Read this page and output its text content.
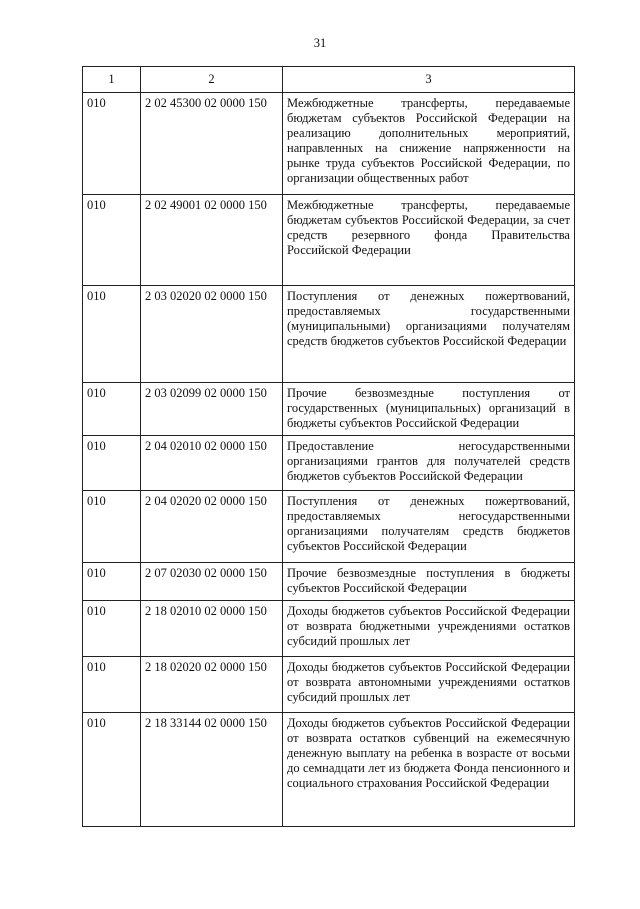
31
1	2	3
010	2 02 45300 02 0000 150	Межбюджетные трансферты, передаваемые бюджетам субъектов Российской Федерации на реализацию дополнительных мероприятий, направленных на снижение напряженности на рынке труда субъектов Российской Федерации, по организации общественных работ
010	2 02 49001 02 0000 150	Межбюджетные трансферты, передаваемые бюджетам субъектов Российской Федерации, за счет средств резервного фонда Правительства Российской Федерации
010	2 03 02020 02 0000 150	Поступления от денежных пожертвований, предоставляемых государственными (муниципальными) организациями получателям средств бюджетов субъектов Российской Федерации
010	2 03 02099 02 0000 150	Прочие безвозмездные поступления от государственных (муниципальных) организаций в бюджеты субъектов Российской Федерации
010	2 04 02010 02 0000 150	Предоставление негосударственными организациями грантов для получателей средств бюджетов субъектов Российской Федерации
010	2 04 02020 02 0000 150	Поступления от денежных пожертвований, предоставляемых негосударственными организациями получателям средств бюджетов субъектов Российской Федерации
010	2 07 02030 02 0000 150	Прочие безвозмездные поступления в бюджеты субъектов Российской Федерации
010	2 18 02010 02 0000 150	Доходы бюджетов субъектов Российской Федерации от возврата бюджетными учреждениями остатков субсидий прошлых лет
010	2 18 02020 02 0000 150	Доходы бюджетов субъектов Российской Федерации от возврата автономными учреждениями остатков субсидий прошлых лет
010	2 18 33144 02 0000 150	Доходы бюджетов субъектов Российской Федерации от возврата остатков субвенций на ежемесячную денежную выплату на ребенка в возрасте от восьми до семнадцати лет из бюджета Фонда пенсионного и социального страхования Российской Федерации
